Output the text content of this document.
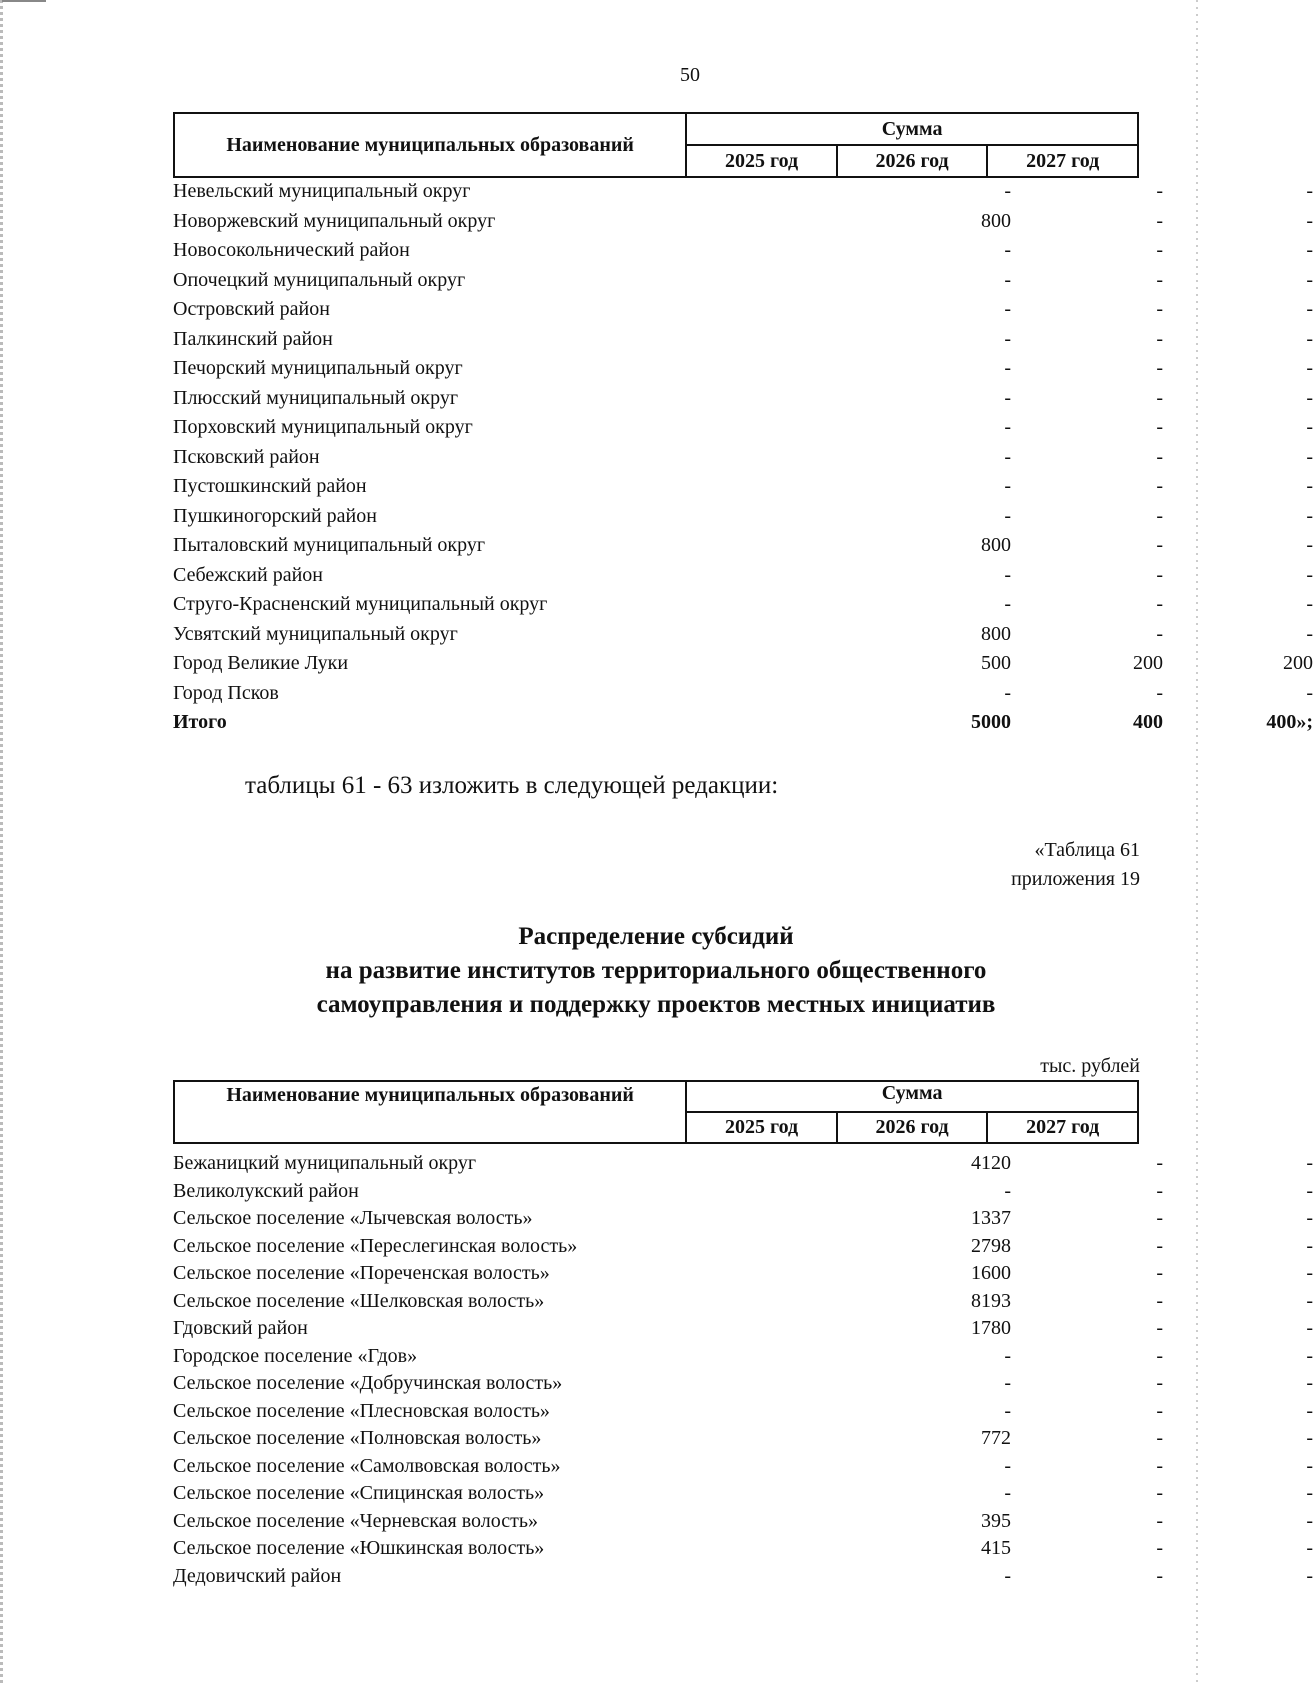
50
Наименование муниципальных образований	Сумма		
	2025 год	2026 год	2027 год
Невельский муниципальный округ	-	-	-
Новоржевский муниципальный округ	800	-	-
Новосокольнический район	-	-	-
Опочецкий муниципальный округ	-	-	-
Островский район	-	-	-
Палкинский район	-	-	-
Печорский муниципальный округ	-	-	-
Плюсский муниципальный округ	-	-	-
Порховский муниципальный округ	-	-	-
Псковский район	-	-	-
Пустошкинский район	-	-	-
Пушкиногорский район	-	-	-
Пыталовский муниципальный округ	800	-	-
Себежский район	-	-	-
Струго-Красненский муниципальный округ	-	-	-
Усвятский муниципальный округ	800	-	-
Город Великие Луки	500	200	200
Город Псков	-	-	-
Итого	5000	400	400»;
таблицы 61 - 63 изложить в следующей редакции:
«Таблица 61
приложения 19
Распределение субсидий
на развитие институтов территориального общественного
самоуправления и поддержку проектов местных инициатив
тыс. рублей
Наименование муниципальных образований	Сумма		
	2025 год	2026 год	2027 год
Бежаницкий муниципальный округ	4120	-	-
Великолукский район	-	-	-
Сельское поселение «Лычевская волость»	1337	-	-
Сельское поселение «Переслегинская волость»	2798	-	-
Сельское поселение «Пореченская волость»	1600	-	-
Сельское поселение «Шелковская волость»	8193	-	-
Гдовский район	1780	-	-
Городское поселение «Гдов»	-	-	-
Сельское поселение «Добручинская волость»	-	-	-
Сельское поселение «Плесновская волость»	-	-	-
Сельское поселение «Полновская волость»	772	-	-
Сельское поселение «Самолвовская волость»	-	-	-
Сельское поселение «Спицинская волость»	-	-	-
Сельское поселение «Черневская волость»	395	-	-
Сельское поселение «Юшкинская волость»	415	-	-
Дедовичский район	-	-	-
